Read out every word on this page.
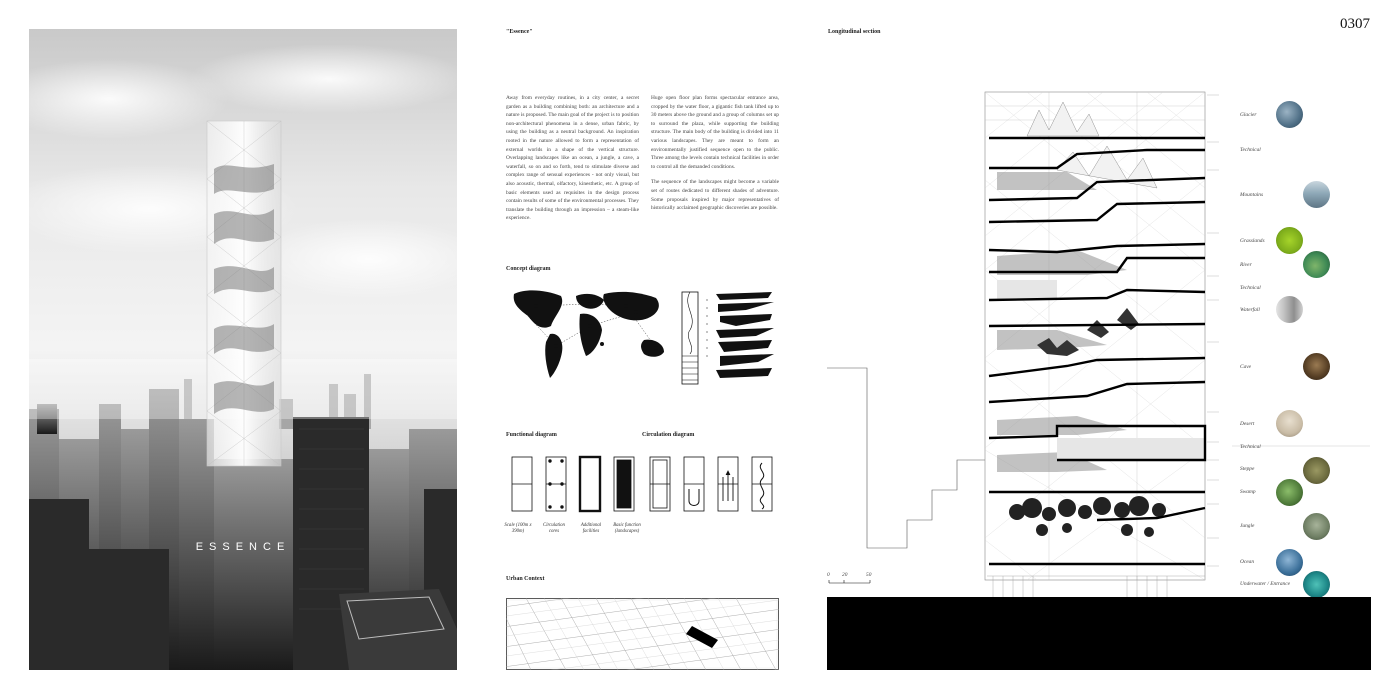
0307
ESSENCE
"Essence"

Away from everyday routines, in a city center, a secret garden as a building combining both: an architecture and a nature is proposed. The main goal of the project is to position non-architectural phenomena in a dense, urban fabric, by using the building as a neutral background. An inspiration rooted in the nature allowed to form a representation of external worlds in a shape of the vertical structure. Overlapping landscapes like an ocean, a jungle, a cave, a waterfall, so on and so forth, tend to stimulate diverse and complex range of sensual experiences - not only visual, but also acoustic, thermal, olfactory, kinesthetic, etc. A group of basic elements used as requisites in the design process contain results of some of the environmental processes. They translate the building through an impression – a steam-like experience.

Huge open floor plan forms spectacular entrance area, cropped by the water floor, a gigantic fish tank lifted up to 30 meters above the ground and a group of columns set up to surround the plaza, while supporting the building structure. The main body of the building is divided into 11 various landscapes. They are meant to form an environmentally justified sequence open to the public. Three among the levels contain technical facilities in order to control all the demanded conditions.

The sequence of the landscapes might become a variable set of routes dedicated to different shades of adventure. Some proposals inspired by major representatives of historically acclaimed geographic discoveries are possible.

Concept diagram
Functional diagram	Circulation diagram
Scale (100m x 390m)
Circulation cores
Additional facilities
Basic function (landscapes)
Urban Context
Longitudinal section
0 20	50
Glacier
Technical
Mountains
Grasslands
River
Technical
Waterfall
Cave
Desert
Technical
Steppe
Swamp
Jungle
Ocean
Underwater / Entrance
